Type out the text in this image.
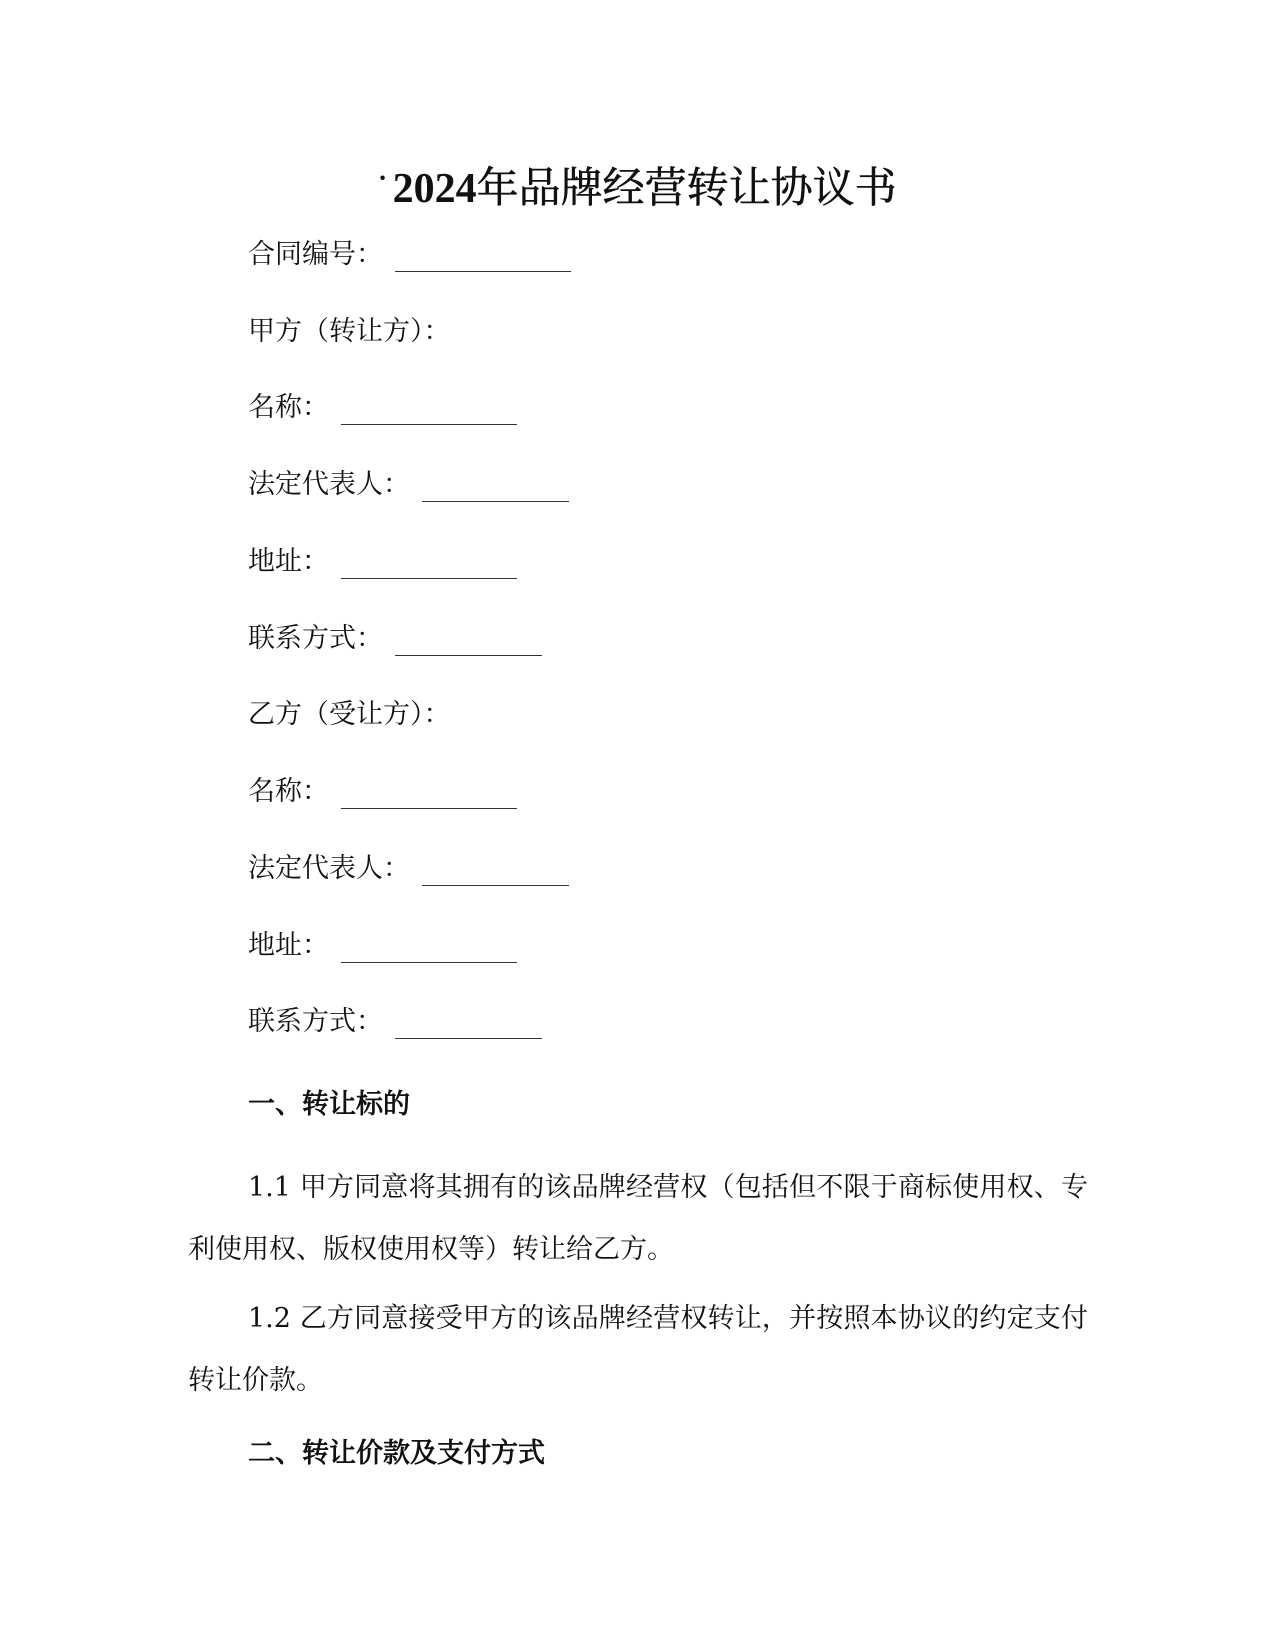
· 2024年品牌经营转让协议书
合同编号：
甲方（转让方）：
名称：
法定代表人：
地址：
联系方式：
乙方（受让方）：
名称：
法定代表人：
地址：
联系方式：
一、转让标的
1.1 甲方同意将其拥有的该品牌经营权（包括但不限于商标使用权、专利使用权、版权使用权等）转让给乙方。
1.2 乙方同意接受甲方的该品牌经营权转让，并按照本协议的约定支付转让价款。
二、转让价款及支付方式
